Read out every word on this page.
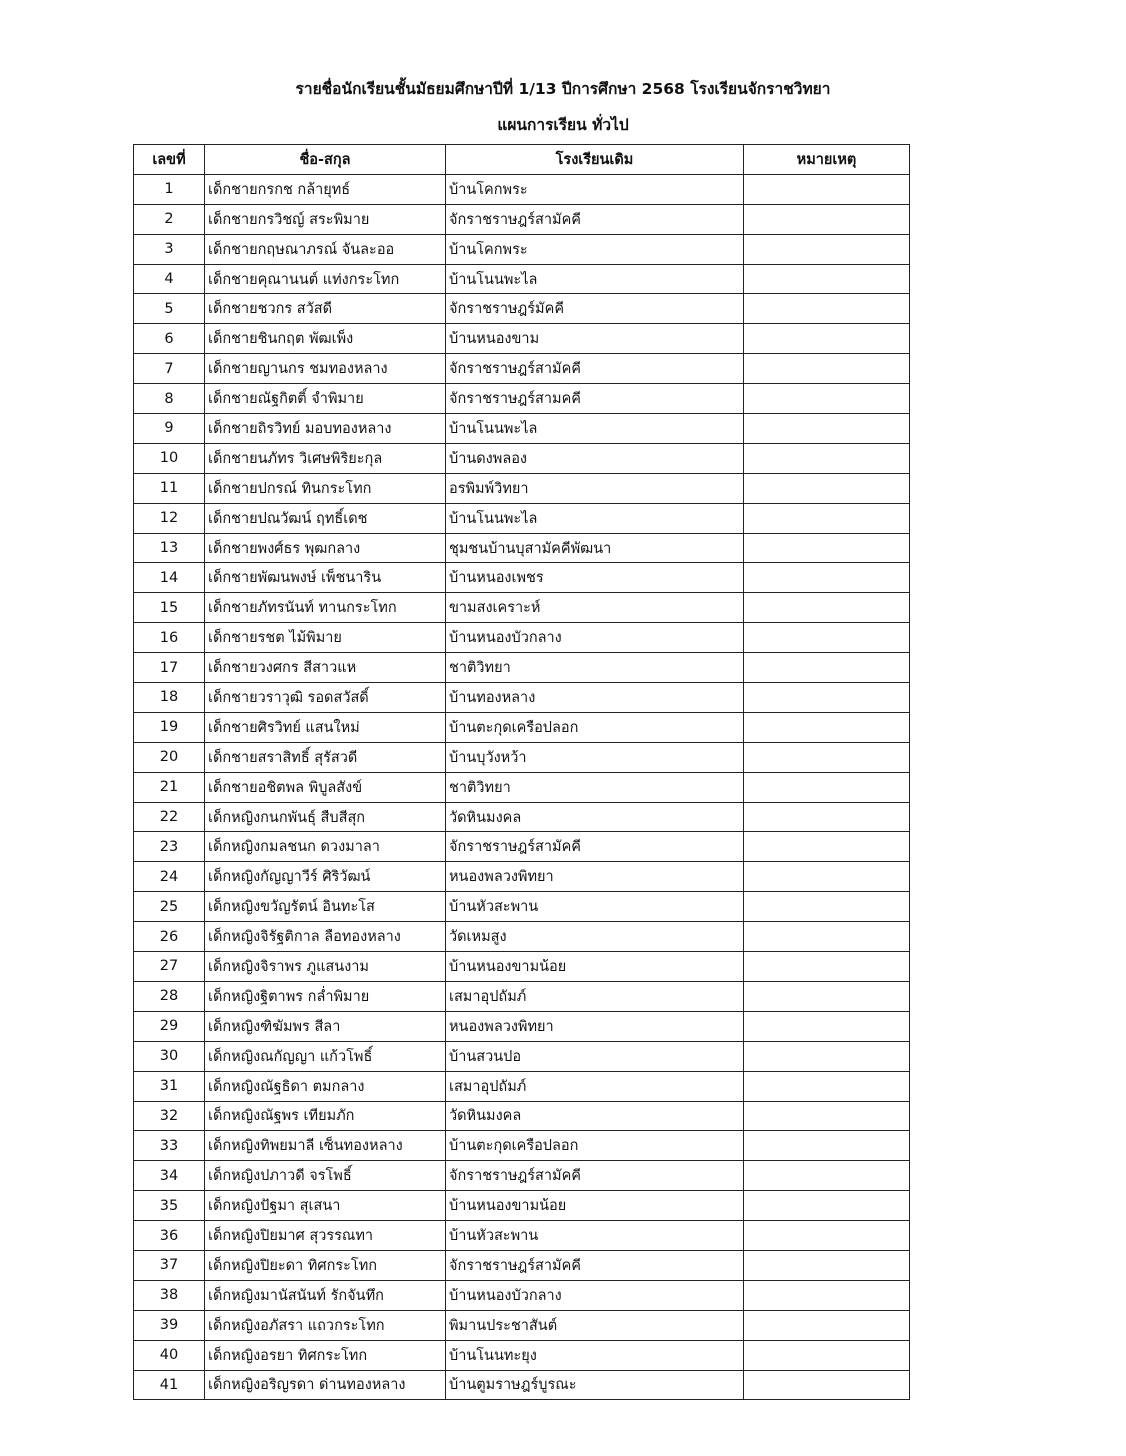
รายชื่อนักเรียนชั้นมัธยมศึกษาปีที่ 1/13 ปีการศึกษา 2568 โรงเรียนจักราชวิทยา
แผนการเรียน ทั่วไป
เลขที่	ชื่อ-สกุล	โรงเรียนเดิม	หมายเหตุ
1	เด็กชายกรกช กล้ายุทธ์	บ้านโคกพระ	
2	เด็กชายกรวิชญ์ สระพิมาย	จักราชราษฎร์สามัคคี	
3	เด็กชายกฤษณาภรณ์ จันละออ	บ้านโคกพระ	
4	เด็กชายคุณานนต์ แท่งกระโทก	บ้านโนนพะไล	
5	เด็กชายชวกร สวัสดี	จักราชราษฎร์มัคคี	
6	เด็กชายชินกฤต พัฒเพ็ง	บ้านหนองขาม	
7	เด็กชายญานกร ชมทองหลาง	จักราชราษฎร์สามัคคี	
8	เด็กชายณัฐกิตติ์ จำพิมาย	จักราชราษฎร์สามคคี	
9	เด็กชายถิรวิทย์ มอบทองหลาง	บ้านโนนพะไล	
10	เด็กชายนภัทร วิเศษพิริยะกุล	บ้านดงพลอง	
11	เด็กชายปกรณ์ ทินกระโทก	อรพิมพ์วิทยา	
12	เด็กชายปณวัฒน์ ฤทธิ์เดช	บ้านโนนพะไล	
13	เด็กชายพงศ์ธร พุฒกลาง	ชุมชนบ้านบุสามัคคีพัฒนา	
14	เด็กชายพัฒนพงษ์ เพ็ชนาริน	บ้านหนองเพชร	
15	เด็กชายภัทรนันท์ ทานกระโทก	ขามสงเคราะห์	
16	เด็กชายรชต ไม้พิมาย	บ้านหนองบัวกลาง	
17	เด็กชายวงศกร สีสาวแห	ชาติวิทยา	
18	เด็กชายวราวุฒิ รอดสวัสดิ์	บ้านทองหลาง	
19	เด็กชายศิรวิทย์ แสนใหม่	บ้านตะกุดเครือปลอก	
20	เด็กชายสราสิทธิ์ สุรัสวดี	บ้านบุวังหว้า	
21	เด็กชายอชิตพล พิบูลสังข์	ชาติวิทยา	
22	เด็กหญิงกนกพันธุ์ สืบสีสุก	วัดหินมงคล	
23	เด็กหญิงกมลชนก ดวงมาลา	จักราชราษฎร์สามัคคี	
24	เด็กหญิงกัญญาวีร์ ศิริวัฒน์	หนองพลวงพิทยา	
25	เด็กหญิงขวัญรัตน์ อินทะโส	บ้านหัวสะพาน	
26	เด็กหญิงจิรัฐติกาล ลือทองหลาง	วัดเหมสูง	
27	เด็กหญิงจิราพร ภูแสนงาม	บ้านหนองขามน้อย	
28	เด็กหญิงฐิตาพร กล่ำพิมาย	เสมาอุปถัมภ์	
29	เด็กหญิงฑิฆัมพร สีลา	หนองพลวงพิทยา	
30	เด็กหญิงณกัญญา แก้วโพธิ์	บ้านสวนปอ	
31	เด็กหญิงณัฐธิดา ตมกลาง	เสมาอุปถัมภ์	
32	เด็กหญิงณัฐพร เทียมภัก	วัดหินมงคล	
33	เด็กหญิงทิพยมาลี เซ็นทองหลาง	บ้านตะกุดเครือปลอก	
34	เด็กหญิงปภาวดี จรโพธิ์	จักราชราษฎร์สามัคคี	
35	เด็กหญิงปัฐมา สุเสนา	บ้านหนองขามน้อย	
36	เด็กหญิงปิยมาศ สุวรรณทา	บ้านหัวสะพาน	
37	เด็กหญิงปิยะดา ทิศกระโทก	จักราชราษฎร์สามัคคี	
38	เด็กหญิงมานัสนันท์ รักจันทึก	บ้านหนองบัวกลาง	
39	เด็กหญิงอภัสรา แถวกระโทก	พิมานประชาสันต์	
40	เด็กหญิงอรยา ทิศกระโทก	บ้านโนนทะยุง	
41	เด็กหญิงอริญรดา ด่านทองหลาง	บ้านตูมราษฎร์บูรณะ	
